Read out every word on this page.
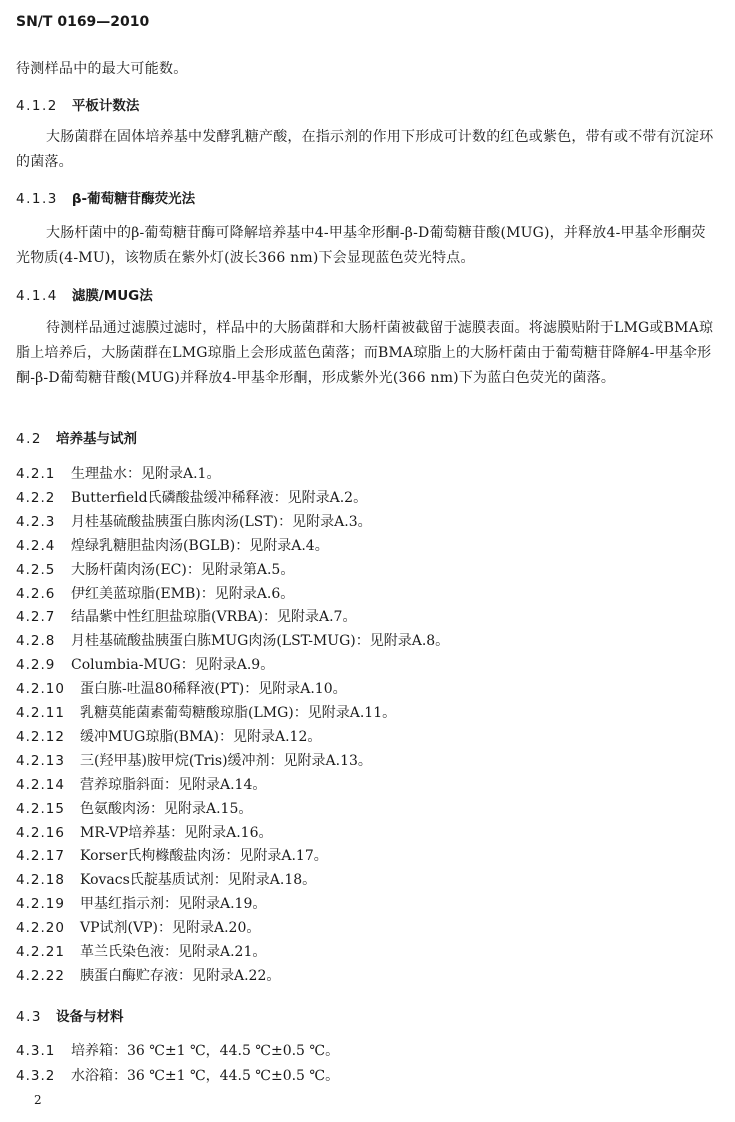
SN/T 0169—2010
待测样品中的最大可能数。
4.1.2 平板计数法
大肠菌群在固体培养基中发酵乳糖产酸，在指示剂的作用下形成可计数的红色或紫色，带有或不带有沉淀环的菌落。
4.1.3 β-葡萄糖苷酶荧光法
大肠杆菌中的β-葡萄糖苷酶可降解培养基中4-甲基伞形酮-β-D葡萄糖苷酸(MUG)，并释放4-甲基伞形酮荧光物质(4-MU)，该物质在紫外灯(波长366 nm)下会显现蓝色荧光特点。
4.1.4 滤膜/MUG法
待测样品通过滤膜过滤时，样品中的大肠菌群和大肠杆菌被截留于滤膜表面。将滤膜贴附于LMG或BMA琼脂上培养后，大肠菌群在LMG琼脂上会形成蓝色菌落；而BMA琼脂上的大肠杆菌由于葡萄糖苷降解4-甲基伞形酮-β-D葡萄糖苷酸(MUG)并释放4-甲基伞形酮，形成紫外光(366 nm)下为蓝白色荧光的菌落。
4.2 培养基与试剂
4.2.1 生理盐水：见附录A.1。
4.2.2 Butterfield氏磷酸盐缓冲稀释液：见附录A.2。
4.2.3 月桂基硫酸盐胰蛋白胨肉汤(LST)：见附录A.3。
4.2.4 煌绿乳糖胆盐肉汤(BGLB)：见附录A.4。
4.2.5 大肠杆菌肉汤(EC)：见附录第A.5。
4.2.6 伊红美蓝琼脂(EMB)：见附录A.6。
4.2.7 结晶紫中性红胆盐琼脂(VRBA)：见附录A.7。
4.2.8 月桂基硫酸盐胰蛋白胨MUG肉汤(LST-MUG)：见附录A.8。
4.2.9 Columbia-MUG：见附录A.9。
4.2.10 蛋白胨-吐温80稀释液(PT)：见附录A.10。
4.2.11 乳糖莫能菌素葡萄糖酸琼脂(LMG)：见附录A.11。
4.2.12 缓冲MUG琼脂(BMA)：见附录A.12。
4.2.13 三(羟甲基)胺甲烷(Tris)缓冲剂：见附录A.13。
4.2.14 营养琼脂斜面：见附录A.14。
4.2.15 色氨酸肉汤：见附录A.15。
4.2.16 MR-VP培养基：见附录A.16。
4.2.17 Korser氏枸橼酸盐肉汤：见附录A.17。
4.2.18 Kovacs氏靛基质试剂：见附录A.18。
4.2.19 甲基红指示剂：见附录A.19。
4.2.20 VP试剂(VP)：见附录A.20。
4.2.21 革兰氏染色液：见附录A.21。
4.2.22 胰蛋白酶贮存液：见附录A.22。
4.3 设备与材料
4.3.1 培养箱：36 ℃±1 ℃，44.5 ℃±0.5 ℃。
4.3.2 水浴箱：36 ℃±1 ℃，44.5 ℃±0.5 ℃。
2
